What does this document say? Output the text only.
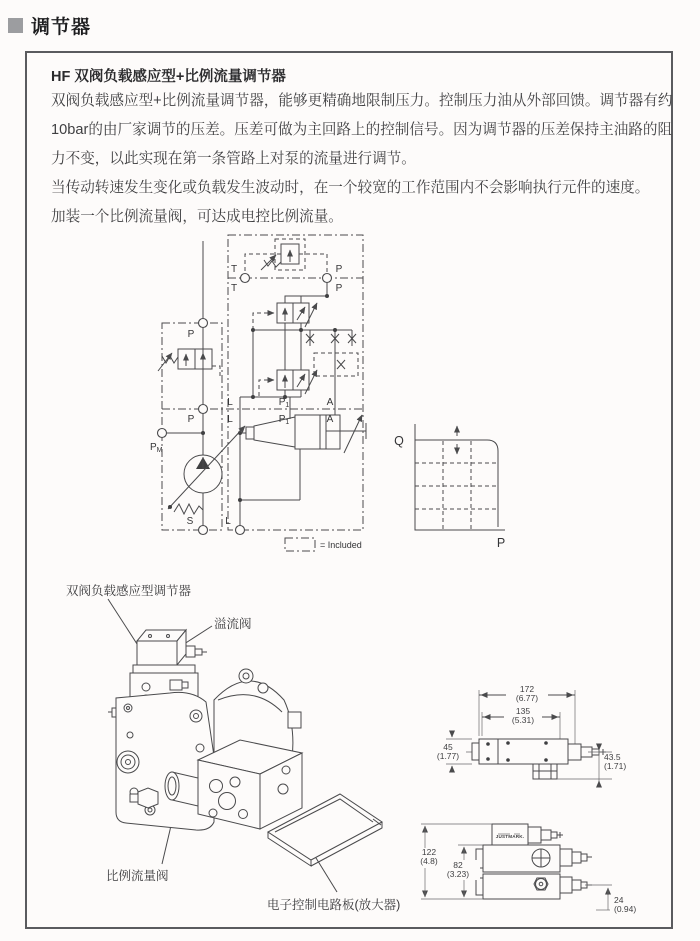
调节器
HF 双阀负载感应型+比例流量调节器

双阀负载感应型+比例流量调节器，能够更精确地限制压力。控制压力油从外部回馈。调节器有约10bar的由厂家调节的压差。压差可做为主回路上的控制信号。因为调节器的压差保持主油路的阻力不变，以此实现在第一条管路上对泵的流量进行调节。

当传动转速发生变化或负载发生波动时，在一个较宽的工作范围内不会影响执行元件的速度。

加装一个比例流量阀，可达成电控比例流量。

T
T
P
P
P
P
L
L
$P_1$
$P_1$
A
A
$P_M$
S	L
= Included
Q
P
双阀负载感应型调节器
溢流阀
比例流量阀
电子控制电路板(放大器)
172
(6.77)
135
(5.31)
45
(1.77)	43.5
(1.71)
JUSTMARK.
122
(4.8) 82
(3.23)
24
(0.94)
